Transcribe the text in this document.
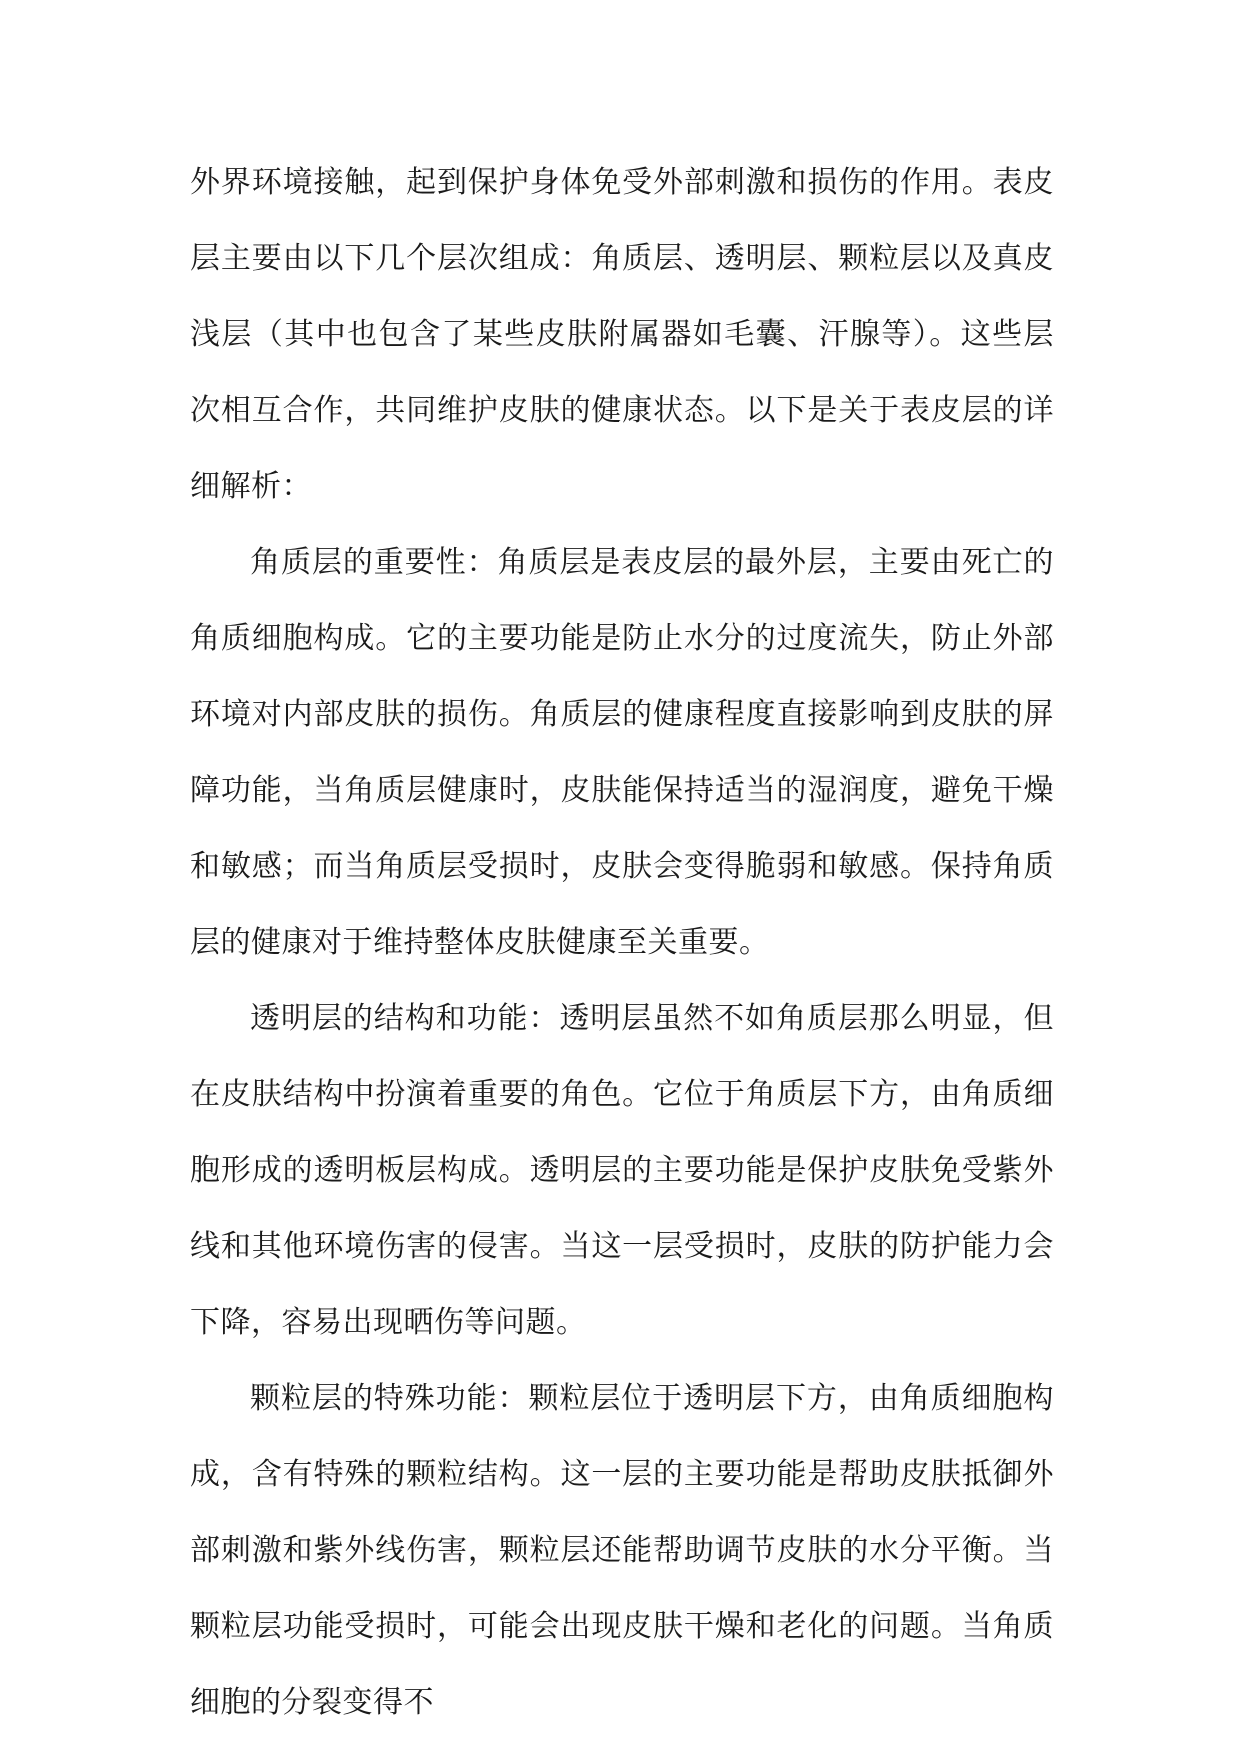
外界环境接触，起到保护身体免受外部刺激和损伤的作用。表皮层主要由以下几个层次组成：角质层、透明层、颗粒层以及真皮浅层（其中也包含了某些皮肤附属器如毛囊、汗腺等）。这些层次相互合作，共同维护皮肤的健康状态。以下是关于表皮层的详细解析：

角质层的重要性：角质层是表皮层的最外层，主要由死亡的角质细胞构成。它的主要功能是防止水分的过度流失，防止外部环境对内部皮肤的损伤。角质层的健康程度直接影响到皮肤的屏障功能，当角质层健康时，皮肤能保持适当的湿润度，避免干燥和敏感；而当角质层受损时，皮肤会变得脆弱和敏感。保持角质层的健康对于维持整体皮肤健康至关重要。

透明层的结构和功能：透明层虽然不如角质层那么明显，但在皮肤结构中扮演着重要的角色。它位于角质层下方，由角质细胞形成的透明板层构成。透明层的主要功能是保护皮肤免受紫外线和其他环境伤害的侵害。当这一层受损时，皮肤的防护能力会下降，容易出现晒伤等问题。

颗粒层的特殊功能：颗粒层位于透明层下方，由角质细胞构成，含有特殊的颗粒结构。这一层的主要功能是帮助皮肤抵御外部刺激和紫外线伤害，颗粒层还能帮助调节皮肤的水分平衡。当颗粒层功能受损时，可能会出现皮肤干燥和老化的问题。当角质细胞的分裂变得不
